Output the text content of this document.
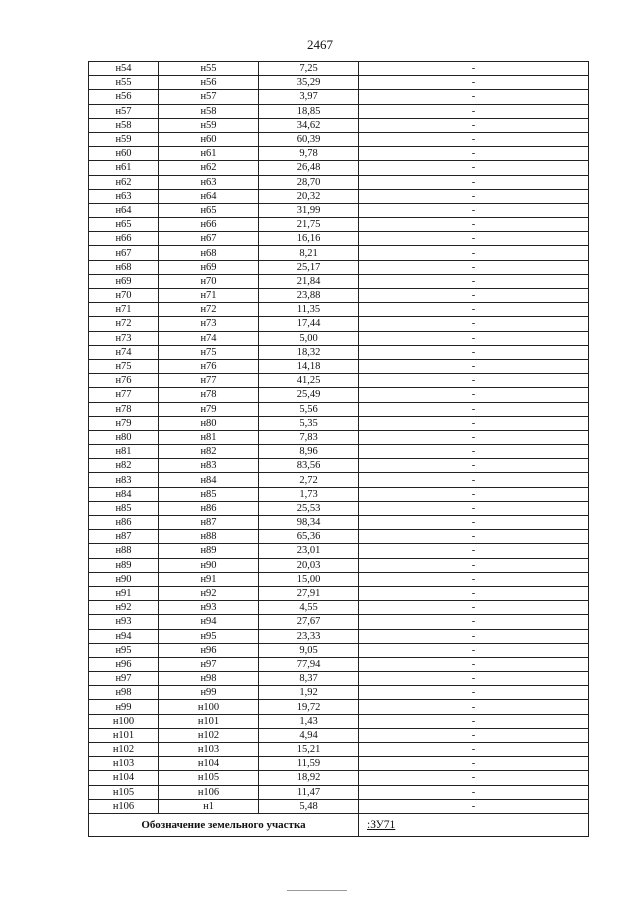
2467
н54	н55	7,25	-
н55	н56	35,29	-
н56	н57	3,97	-
н57	н58	18,85	-
н58	н59	34,62	-
н59	н60	60,39	-
н60	н61	9,78	-
н61	н62	26,48	-
н62	н63	28,70	-
н63	н64	20,32	-
н64	н65	31,99	-
н65	н66	21,75	-
н66	н67	16,16	-
н67	н68	8,21	-
н68	н69	25,17	-
н69	н70	21,84	-
н70	н71	23,88	-
н71	н72	11,35	-
н72	н73	17,44	-
н73	н74	5,00	-
н74	н75	18,32	-
н75	н76	14,18	-
н76	н77	41,25	-
н77	н78	25,49	-
н78	н79	5,56	-
н79	н80	5,35	-
н80	н81	7,83	-
н81	н82	8,96	-
н82	н83	83,56	-
н83	н84	2,72	-
н84	н85	1,73	-
н85	н86	25,53	-
н86	н87	98,34	-
н87	н88	65,36	-
н88	н89	23,01	-
н89	н90	20,03	-
н90	н91	15,00	-
н91	н92	27,91	-
н92	н93	4,55	-
н93	н94	27,67	-
н94	н95	23,33	-
н95	н96	9,05	-
н96	н97	77,94	-
н97	н98	8,37	-
н98	н99	1,92	-
н99	н100	19,72	-
н100	н101	1,43	-
н101	н102	4,94	-
н102	н103	15,21	-
н103	н104	11,59	-
н104	н105	18,92	-
н105	н106	11,47	-
н106	н1	5,48	-
Обозначение земельного участка			:ЗУ71
